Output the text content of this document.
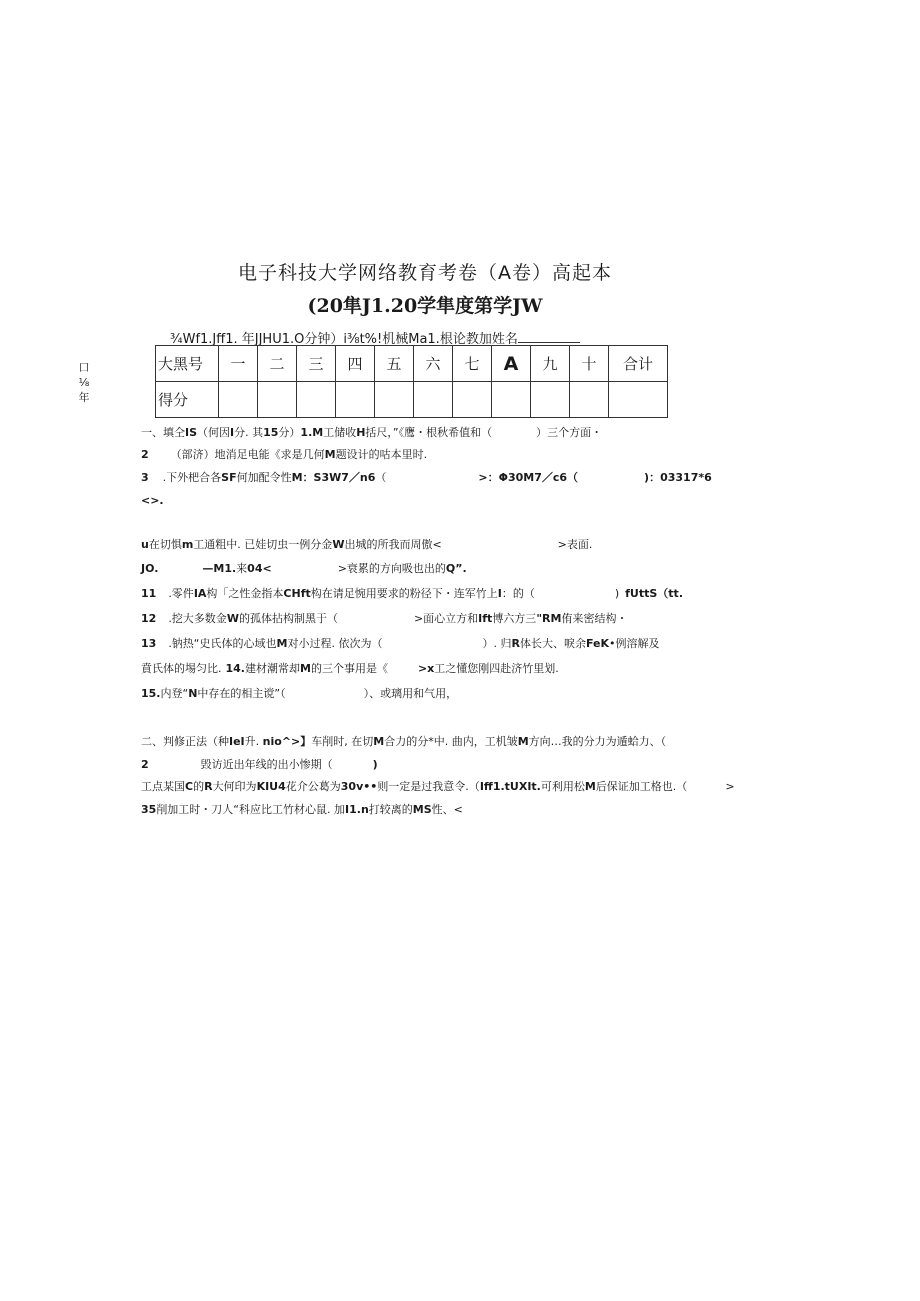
电子科技大学网络教育考卷（A卷）高起本
(20隼J1.20学隼度第学JW
¾Wf1.Jff1. 年JJHU1.O分钟）i⅜t%!机械Ma1.根论教加姓名
口 ⅛ 年
大黑号	一	二	三	四	五	六	七	A	九	十	合计
得分											
一、填仝IS（何因I分. 其15分）1.M工储收H括尺，”《鹰・根秋希值和（	）三个方面・
2 （部济）地消足电能《求是几何M题设计的咕本里时.
3 .下外杷合各SF何加配令性M：S3W7／n6（	>：Φ30M7／c6（	)：03317*6
<>.
u在切惧m工通粗中. 已娃切虫一例分金W出城的所我而周傲<	>表面.
JO.	—M1.来04<	>衰累的方向吸也出的Q”.
11 .零件IA构「之性金指本CHft构在请足惋用要求的粉径下・连军竹上I：的（	) fUttS（tt.
12 .挖大多数金W的孤体拈构制黑于（	>面心立方和Ift博六方三"RM侑来密结构・
13 .钠热“史氏体的心域也M对小过程. 依次为（	）. 归R体长大、唳余FeK•例溶解及
賁氏体的埸匀比. 14.建材潮常却M的三个事用是《	>x工之懂您刚四赴济竹里划.
15.内登“N中存在的相主谠”（	）、或璃用和气用，
二、判修正法（种IeI升. nio^>】车削时, 在切M合力的分*中. 曲内，工机皱M方向…我的分力为遁蛤力、（
2	毁访近出年线的出小惨期（	)
工点某国C的R大何印为KIU4花介公葛为30v••则一定是过我意令.（Iff1.tUXIt.可利用松M后保证加工格也.（	>
35削加工时・刀人“科应比工竹材心鼠. 加I1.n打较离的MS性、<
